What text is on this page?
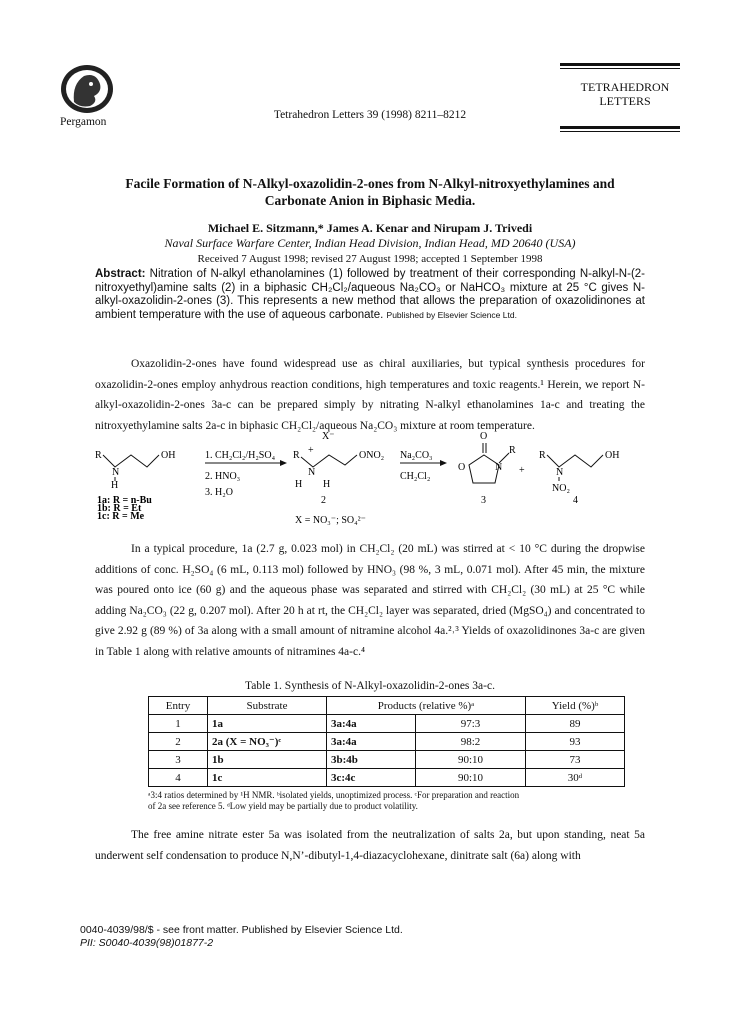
Pergamon
Tetrahedron Letters 39 (1998) 8211–8212
TETRAHEDRON
LETTERS
Facile Formation of N-Alkyl-oxazolidin-2-ones from N-Alkyl-nitroxyethylamines and
Carbonate Anion in Biphasic Media.
Michael E. Sitzmann,* James A. Kenar and Nirupam J. Trivedi
Naval Surface Warfare Center, Indian Head Division, Indian Head, MD 20640 (USA)
Received 7 August 1998; revised 27 August 1998; accepted 1 September 1998
Abstract: Nitration of N-alkyl ethanolamines (1) followed by treatment of their corresponding N-alkyl-N-(2-nitroxyethyl)amine salts (2) in a biphasic CH₂Cl₂/aqueous Na₂CO₃ or NaHCO₃ mixture at 25 °C gives N-alkyl-oxazolidin-2-ones (3). This represents a new method that allows the preparation of oxazolidinones at ambient temperature with the use of aqueous carbonate. Published by Elsevier Science Ltd.
Oxazolidin-2-ones have found widespread use as chiral auxiliaries, but typical synthesis procedures for oxazolidin-2-ones employ anhydrous reaction conditions, high temperatures and toxic reagents.¹ Herein, we report N-alkyl-oxazolidin-2-ones 3a-c can be prepared simply by nitrating N-alkyl ethanolamines 1a-c and treating the nitroxyethylamine salts 2a-c in biphasic CH₂Cl₂/aqueous Na₂CO₃ mixture at room temperature.
R
N
H
OH	1. CH₂Cl₂/H₂SO₄
2. HNO₃
3. H₂O
X⁻
R +
N
H H
ONO₂
2
X = NO₃⁻; SO₄²⁻
Na₂CO₃
CH₂Cl₂
O
O	N
R
3
+
R
N
NO₂
OH
4
1a: R = n-Bu
1b: R = Et
1c: R = Me
In a typical procedure, 1a (2.7 g, 0.023 mol) in CH₂Cl₂ (20 mL) was stirred at < 10 °C during the dropwise additions of conc. H₂SO₄ (6 mL, 0.113 mol) followed by HNO₃ (98 %, 3 mL, 0.071 mol). After 45 min, the mixture was poured onto ice (60 g) and the aqueous phase was separated and stirred with CH₂Cl₂ (30 mL) at 25 °C while adding Na₂CO₃ (22 g, 0.207 mol). After 20 h at rt, the CH₂Cl₂ layer was separated, dried (MgSO₄) and concentrated to give 2.92 g (89 %) of 3a along with a small amount of nitramine alcohol 4a.²˒³ Yields of oxazolidinones 3a-c are given in Table 1 along with relative amounts of nitramines 4a-c.⁴
Table 1. Synthesis of N-Alkyl-oxazolidin-2-ones 3a-c.
Entry	Substrate	Products (relative %)ᵃ		Yield (%)ᵇ
1	1a	3a:4a	97:3	89
2	2a (X = NO₃⁻)ᶜ	3a:4a	98:2	93
3	1b	3b:4b	90:10	73
4	1c	3c:4c	90:10	30ᵈ
ᵃ3:4 ratios determined by ¹H NMR. ᵇisolated yields, unoptimized process. ᶜFor preparation and reaction
of 2a see reference 5. ᵈLow yield may be partially due to product volatility.
The free amine nitrate ester 5a was isolated from the neutralization of salts 2a, but upon standing, neat 5a underwent self condensation to produce N,N’-dibutyl-1,4-diazacyclohexane, dinitrate salt (6a) along with
0040-4039/98/$ - see front matter. Published by Elsevier Science Ltd.
PII: S0040-4039(98)01877-2
